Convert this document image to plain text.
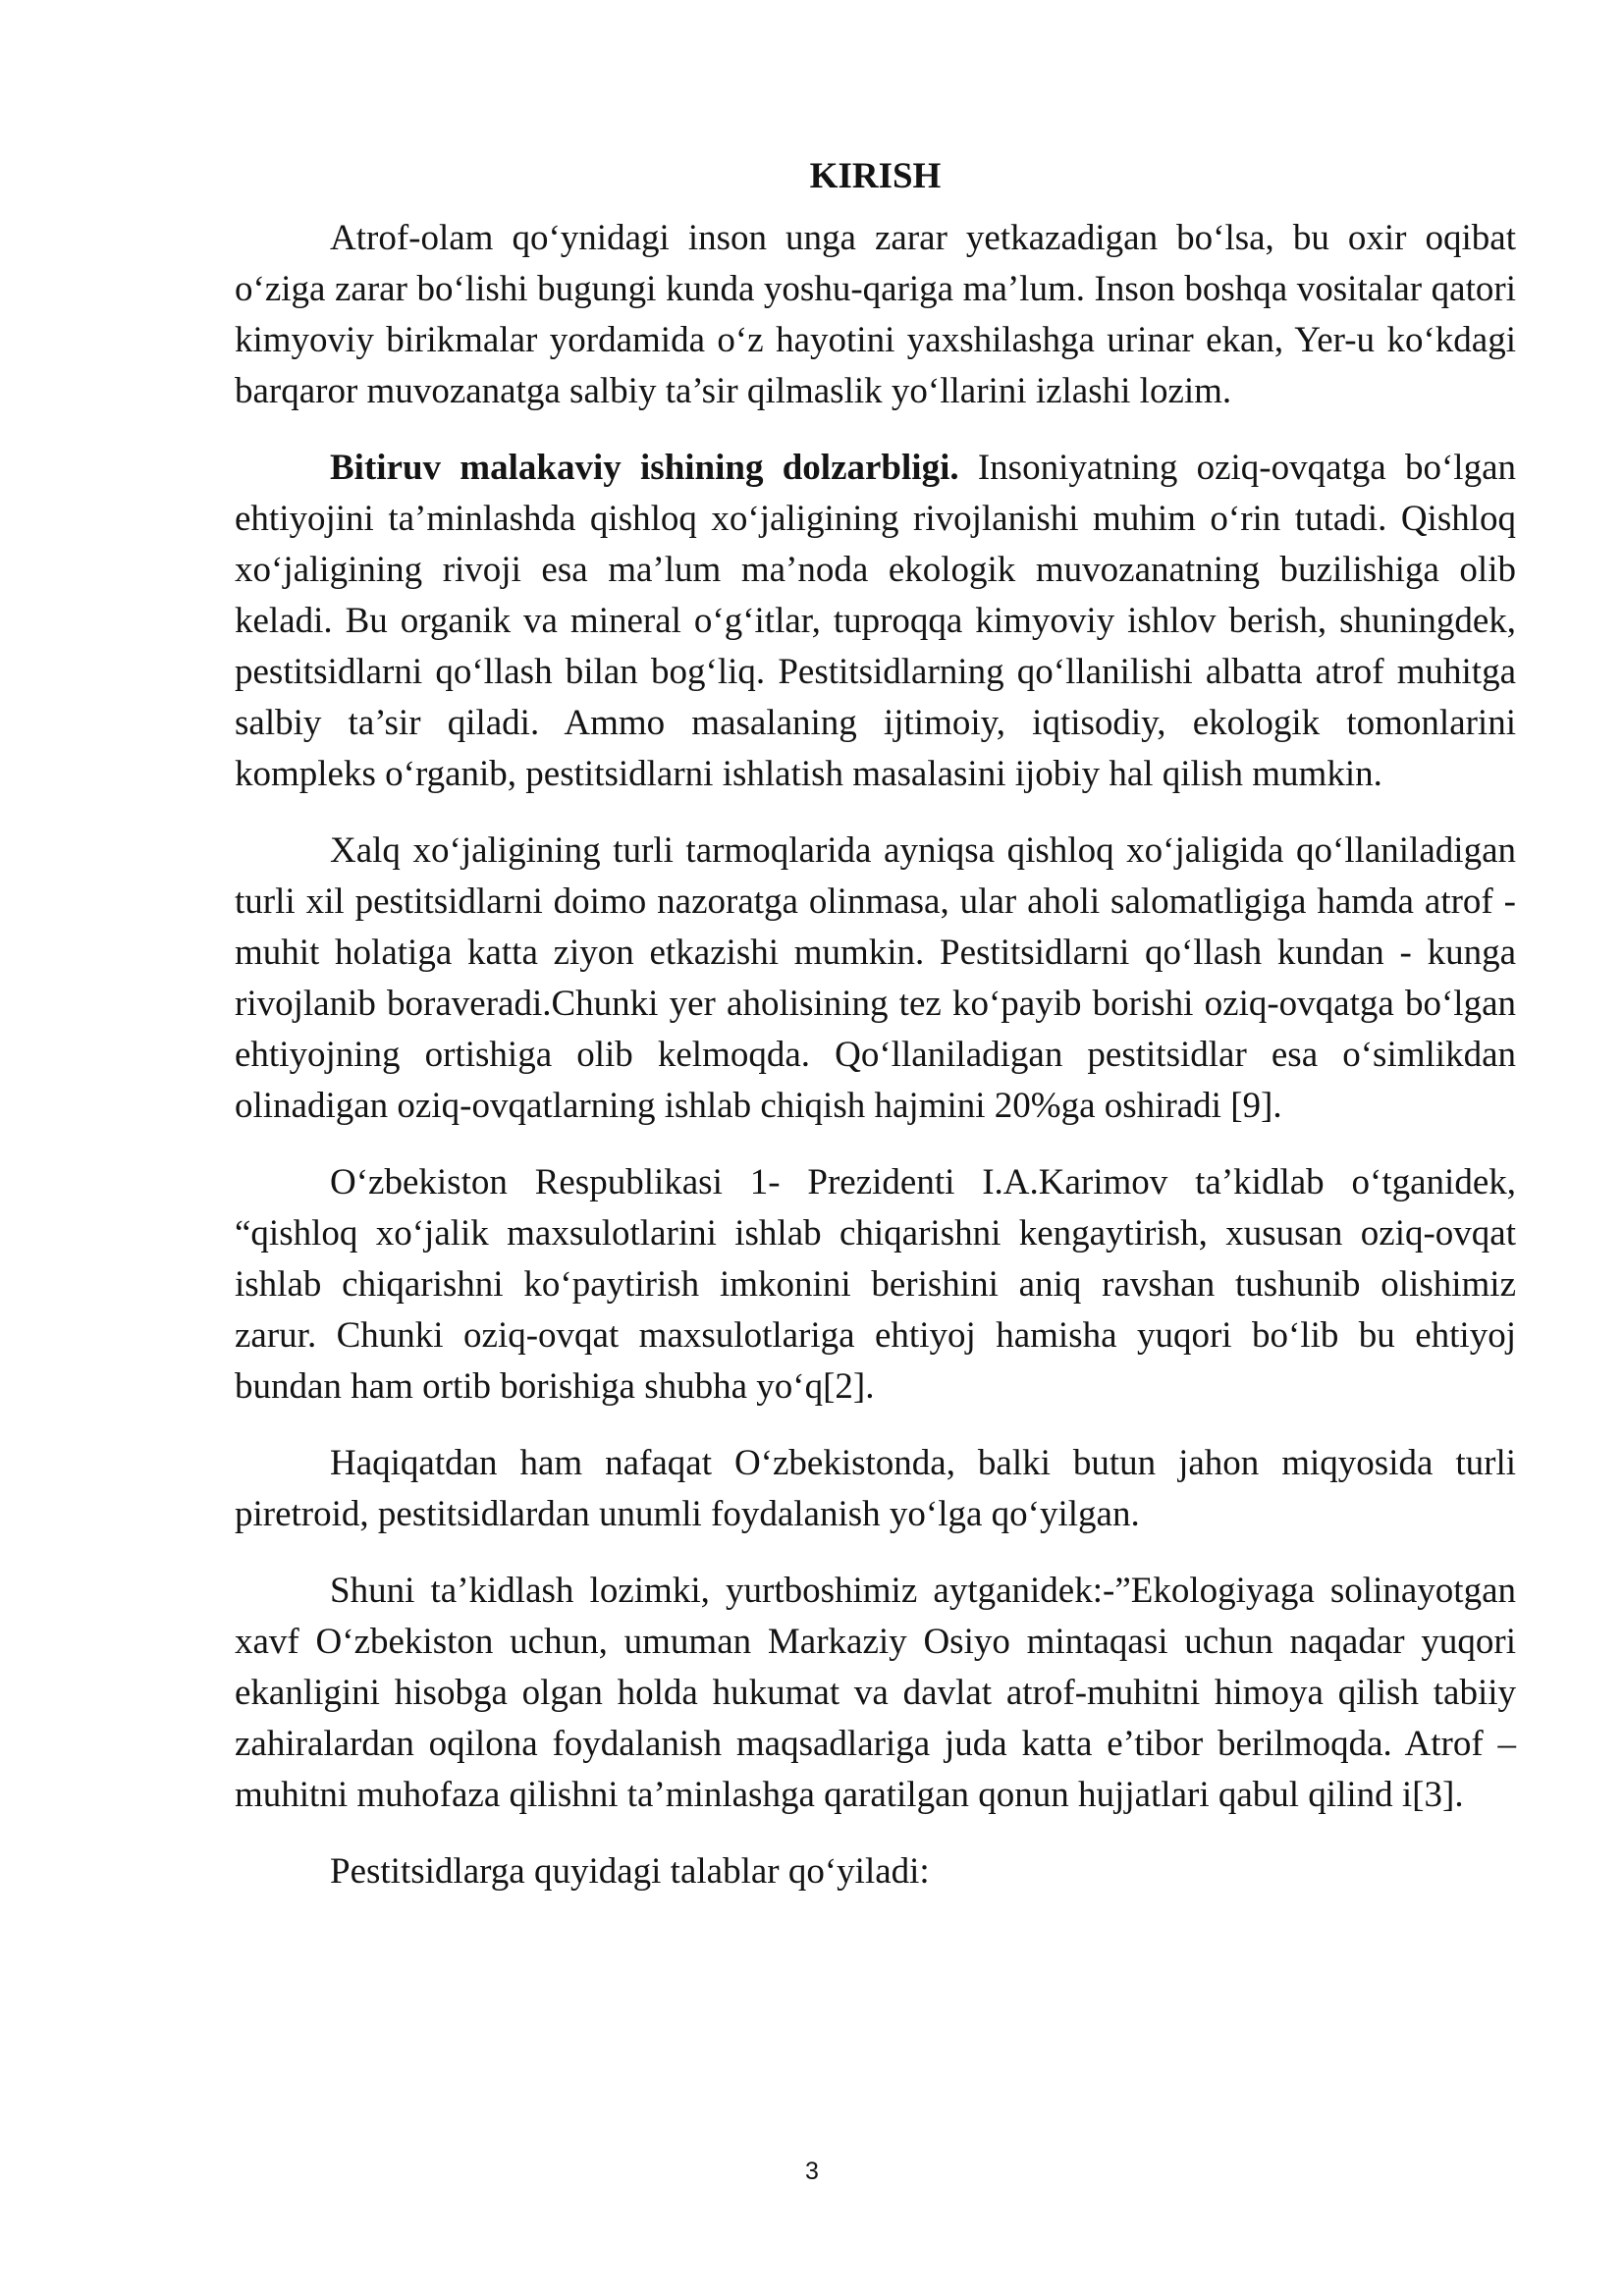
KIRISH

Atrof-olam qo‘ynidagi inson unga zarar yetkazadigan bo‘lsa, bu oxir oqibat o‘ziga zarar bo‘lishi bugungi kunda yoshu-qariga ma’lum. Inson boshqa vositalar qatori kimyoviy birikmalar yordamida o‘z hayotini yaxshilashga urinar ekan, Yer-u ko‘kdagi barqaror muvozanatga salbiy ta’sir qilmaslik yo‘llarini izlashi lozim.

Bitiruv malakaviy ishining dolzarbligi. Insoniyatning oziq-ovqatga bo‘lgan ehtiyojini ta’minlashda qishloq xo‘jaligining rivojlanishi muhim o‘rin tutadi. Qishloq xo‘jaligining rivoji esa ma’lum ma’noda ekologik muvozanatning buzilishiga olib keladi. Bu organik va mineral o‘g‘itlar, tuproqqa kimyoviy ishlov berish, shuningdek, pestitsidlarni qo‘llash bilan bog‘liq. Pestitsidlarning qo‘llanilishi albatta atrof muhitga salbiy ta’sir qiladi. Ammo masalaning ijtimoiy, iqtisodiy, ekologik tomonlarini kompleks o‘rganib, pestitsidlarni ishlatish masalasini ijobiy hal qilish mumkin.

Xalq xo‘jaligining turli tarmoqlarida ayniqsa qishloq xo‘jaligida qo‘llaniladigan turli xil pestitsidlarni doimo nazoratga olinmasa, ular aholi salomatligiga hamda atrof - muhit holatiga katta ziyon etkazishi mumkin. Pestitsidlarni qo‘llash kundan - kunga rivojlanib boraveradi.Chunki yer aholisining tez ko‘payib borishi oziq-ovqatga bo‘lgan ehtiyojning ortishiga olib kelmoqda. Qo‘llaniladigan pestitsidlar esa o‘simlikdan olinadigan oziq-ovqatlarning ishlab chiqish hajmini 20%ga oshiradi [9].

O‘zbekiston Respublikasi 1- Prezidenti I.A.Karimov ta’kidlab o‘tganidek, “qishloq xo‘jalik maxsulotlarini ishlab chiqarishni kengaytirish, xususan oziq-ovqat ishlab chiqarishni ko‘paytirish imkonini berishini aniq ravshan tushunib olishimiz zarur. Chunki oziq-ovqat maxsulotlariga ehtiyoj hamisha yuqori bo‘lib bu ehtiyoj bundan ham ortib borishiga shubha yo‘q[2].

Haqiqatdan ham nafaqat O‘zbekistonda, balki butun jahon miqyosida turli piretroid, pestitsidlardan unumli foydalanish yo‘lga qo‘yilgan.

Shuni ta’kidlash lozimki, yurtboshimiz aytganidek:-”Ekologiyaga solinayotgan xavf O‘zbekiston uchun, umuman Markaziy Osiyo mintaqasi uchun naqadar yuqori ekanligini hisobga olgan holda hukumat va davlat atrof-muhitni himoya qilish tabiiy zahiralardan oqilona foydalanish maqsadlariga juda katta e’tibor berilmoqda. Atrof –muhitni muhofaza qilishni ta’minlashga qaratilgan qonun hujjatlari qabul qilind i[3].

Pestitsidlarga quyidagi talablar qo‘yiladi:

3
